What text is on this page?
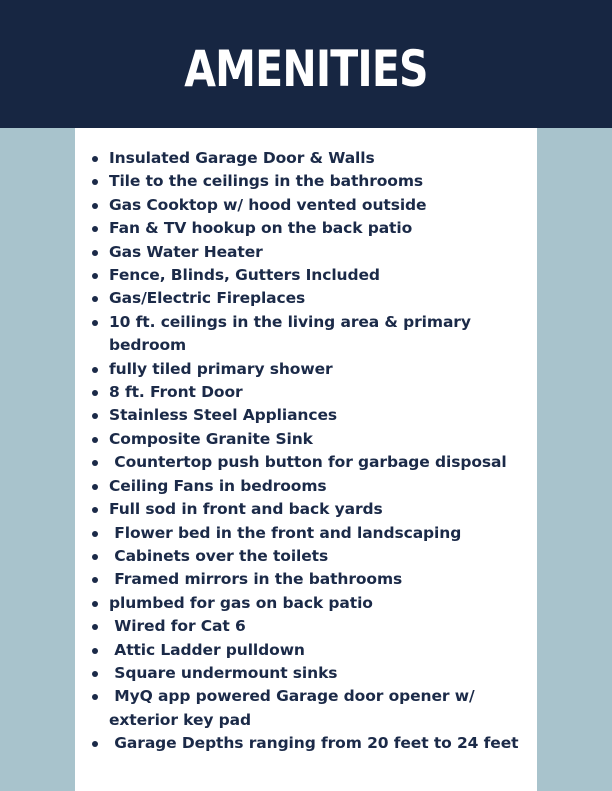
AMENITIES
Insulated Garage Door & Walls
Tile to the ceilings in the bathrooms
Gas Cooktop w/ hood vented outside
Fan & TV hookup on the back patio
Gas Water Heater
Fence, Blinds, Gutters Included
Gas/Electric Fireplaces
10 ft. ceilings in the living area & primary bedroom
fully tiled primary shower
8 ft. Front Door
Stainless Steel Appliances
Composite Granite Sink
Countertop push button for garbage disposal
Ceiling Fans in bedrooms
Full sod in front and back yards
Flower bed in the front and landscaping
Cabinets over the toilets
Framed mirrors in the bathrooms
plumbed for gas on back patio
Wired for Cat 6
Attic Ladder pulldown
Square undermount sinks
MyQ app powered Garage door opener w/ exterior key pad
Garage Depths ranging from 20 feet to 24 feet
